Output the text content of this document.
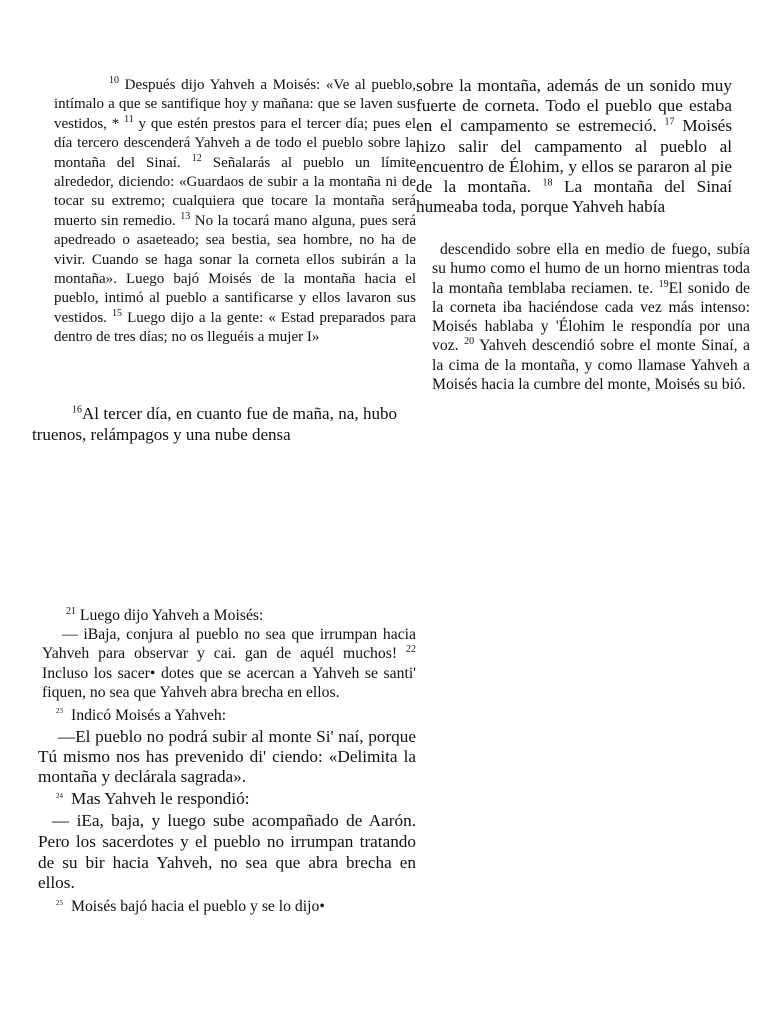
$^{10}$ Después dijo Yahveh a Moisés: «Ve al pueblo, intímalo a que se santifique hoy y mañana: que se laven sus vestidos, * $^{11}$ y que estén prestos para el tercer día; pues el día tercero descenderá Yahveh a de todo el pueblo sobre la montaña del Sinaí. $^{12}$ Señalarás al pueblo un límite alrededor, diciendo: «Guardaos de subir a la montaña ni de tocar su extremo; cualquiera que tocare la montaña será muerto sin remedio. $^{13}$ No la tocará mano alguna, pues será apedreado o asaeteado; sea bestia, sea hombre, no ha de vivir. Cuando se haga sonar la corneta ellos subirán a la montaña». Luego bajó Moisés de la montaña hacia el pueblo, intimó al pueblo a santificarse y ellos lavaron sus vestidos. $^{15}$ Luego dijo a la gente: « Estad preparados para dentro de tres días; no os lleguéis a mujer I»

$^{16}$Al tercer día, en cuanto fue de maña, na, hubo truenos, relámpagos y una nube densa

sobre la montaña, además de un sonido muy fuerte de corneta. Todo el pueblo que estaba en el campamento se estremeció. $^{17}$ Moisés hizo salir del campamento al pueblo al encuentro de Élohim, y ellos se pararon al pie de la montaña. $^{18}$ La montaña del Sinaí humeaba toda, porque Yahveh había

descendido sobre ella en medio de fuego, subía su humo como el humo de un horno mientras toda la montaña temblaba reciamen. te. $^{19}$El sonido de la corneta iba haciéndose cada vez más intenso: Moisés hablaba y 'Élohim le respondía por una voz. $^{20}$ Yahveh descendió sobre el monte Sinaí, a la cima de la montaña, y como llamase Yahveh a Moisés hacia la cumbre del monte, Moisés su bió.

$^{21}$ Luego dijo Yahveh a Moisés:

— iBaja, conjura al pueblo no sea que irrumpan hacia Yahveh para observar y cai. gan de aquél muchos! $^{22}$ Incluso los sacer• dotes que se acercan a Yahveh se santi' fiquen, no sea que Yahveh abra brecha en ellos.

$^{23}$ Indicó Moisés a Yahveh:

—El pueblo no podrá subir al monte Si' naí, porque Tú mismo nos has prevenido di' ciendo: «Delimita la montaña y declárala sagrada».

$^{24}$ Mas Yahveh le respondió:

— iEa, baja, y luego sube acompañado de Aarón. Pero los sacerdotes y el pueblo no irrumpan tratando de su bir hacia Yahveh, no sea que abra brecha en ellos.

$^{25}$ Moisés bajó hacia el pueblo y se lo dijo•
